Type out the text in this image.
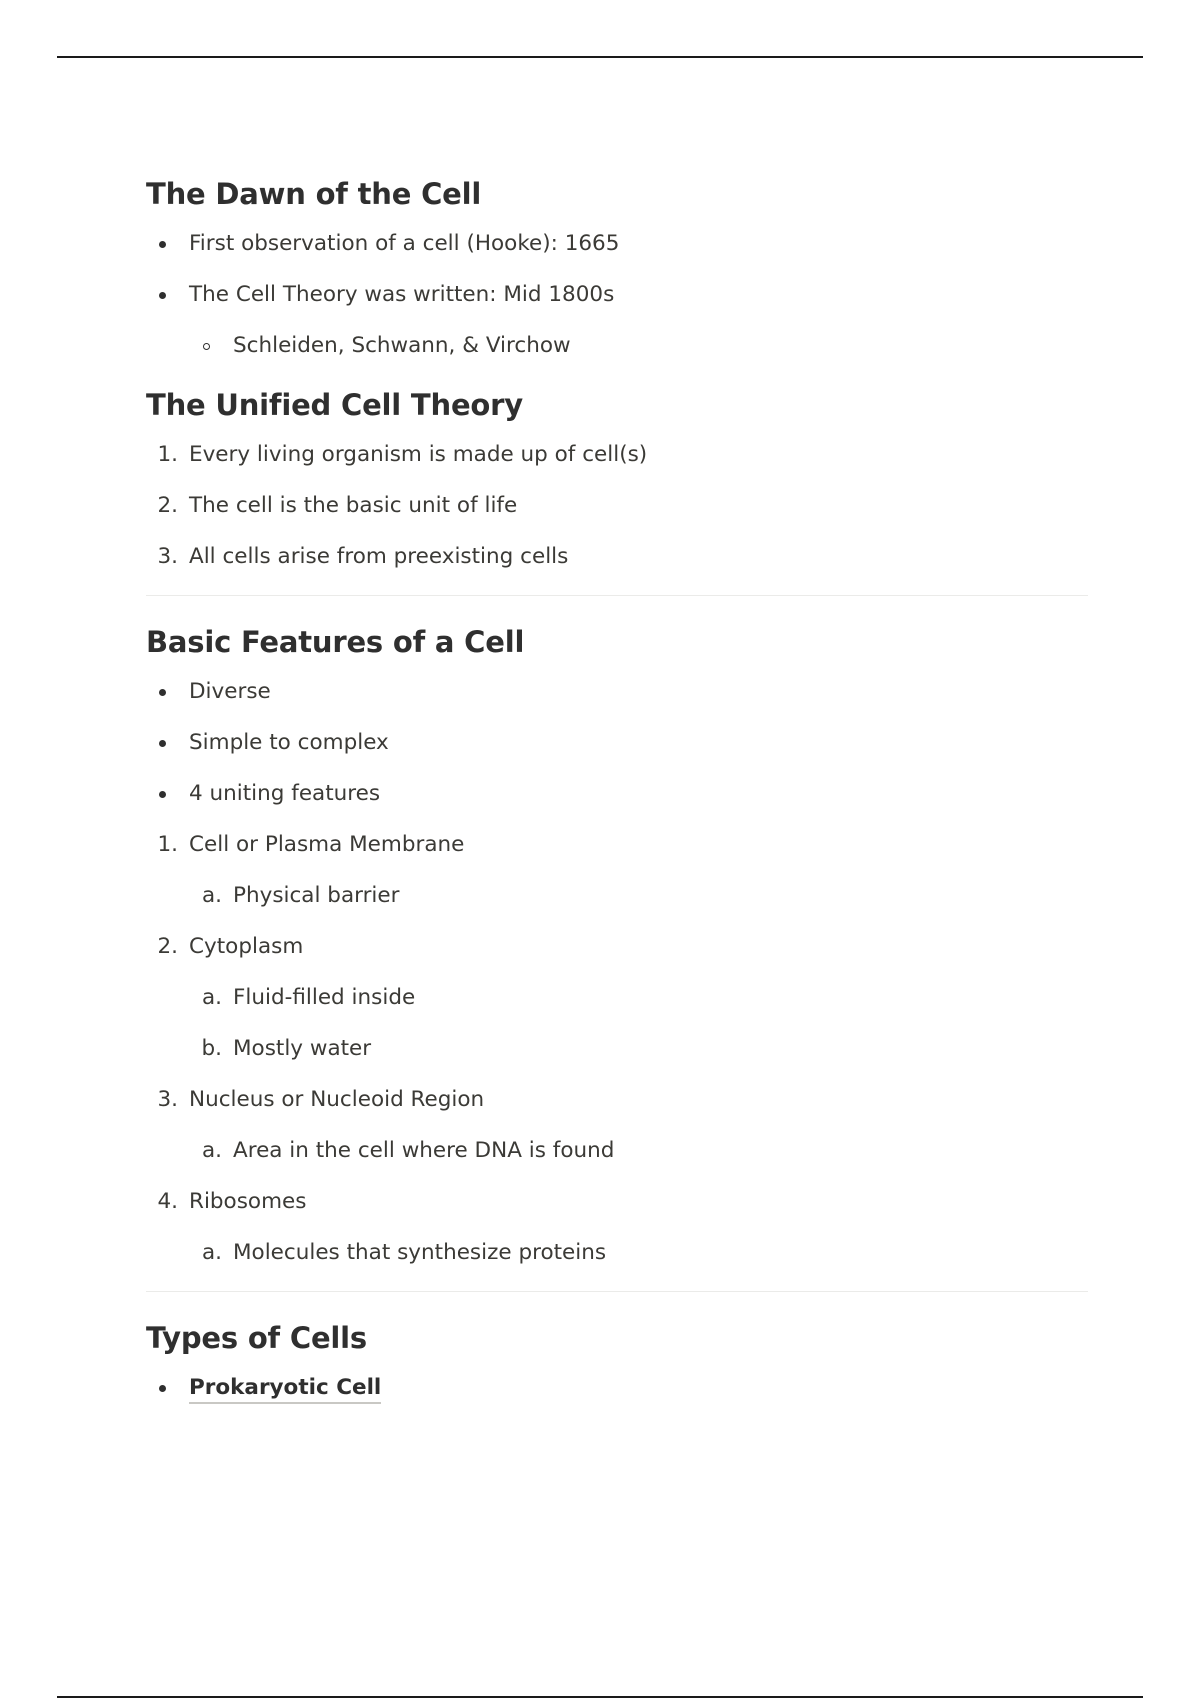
The Dawn of the Cell
First observation of a cell (Hooke): 1665
The Cell Theory was written: Mid 1800s
Schleiden, Schwann, & Virchow
The Unified Cell Theory
1. Every living organism is made up of cell(s)
2. The cell is the basic unit of life
3. All cells arise from preexisting cells
Basic Features of a Cell
Diverse
Simple to complex
4 uniting features
1. Cell or Plasma Membrane
a. Physical barrier
2. Cytoplasm
a. Fluid-filled inside
b. Mostly water
3. Nucleus or Nucleoid Region
a. Area in the cell where DNA is found
4. Ribosomes
a. Molecules that synthesize proteins
Types of Cells
Prokaryotic Cell
